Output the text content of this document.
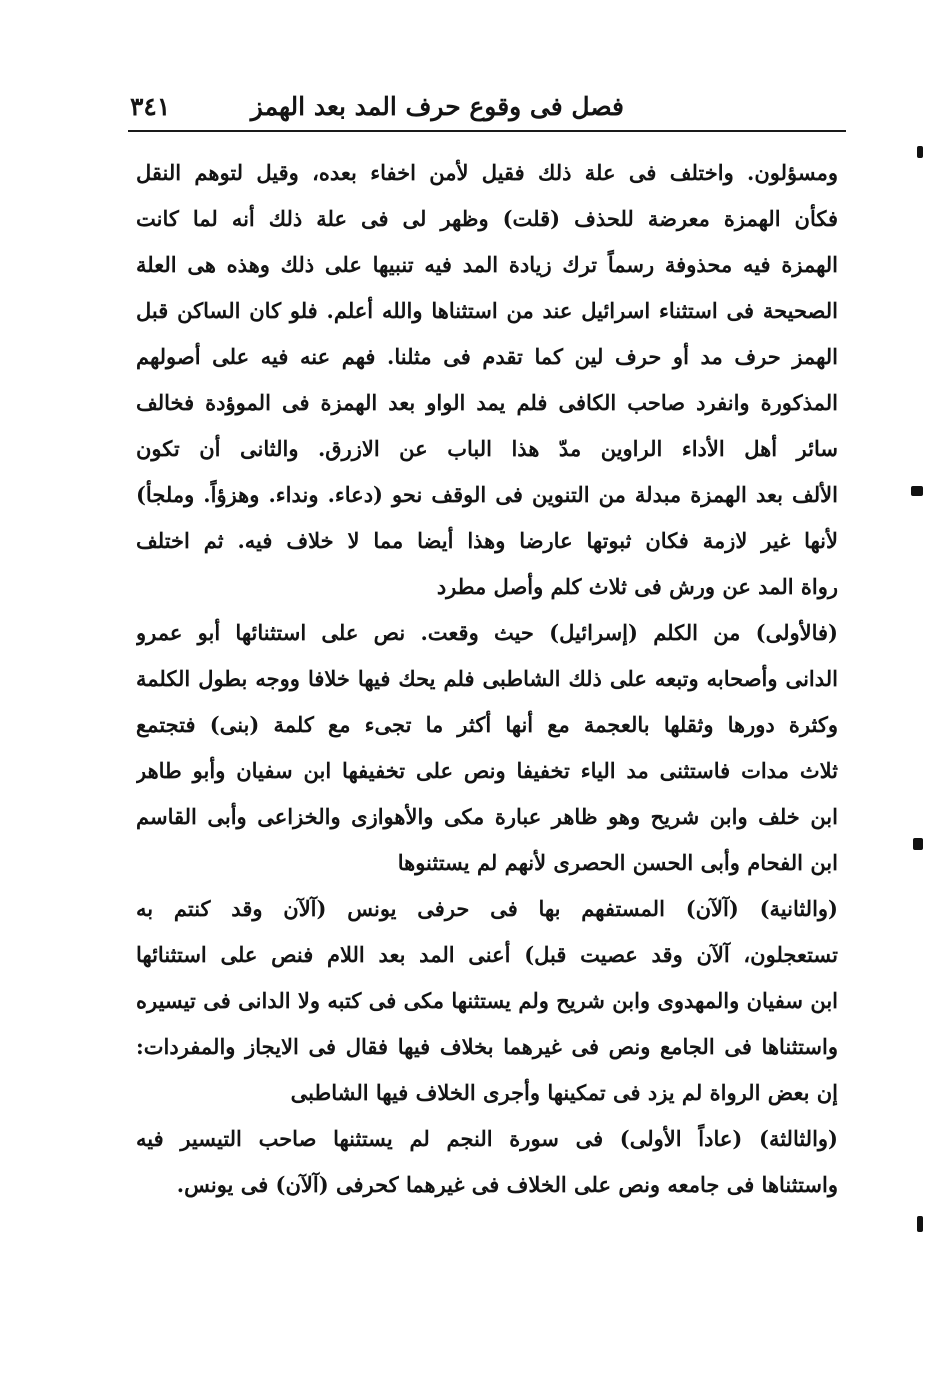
فصل فى وقوع حرف المد بعد الهمز
٣٤١
ومسؤلون. واختلف فى علة ذلك فقيل لأمن اخفاء بعده، وقيل لتوهم النقل
فكأن الهمزة معرضة للحذف (قلت) وظهر لى فى علة ذلك أنه لما كانت
الهمزة فيه محذوفة رسماً ترك زيادة المد فيه تنبيها على ذلك وهذه هى العلة
الصحيحة فى استثناء اسرائيل عند من استثناها والله أعلم. فلو كان الساكن قبل
الهمز حرف مد أو حرف لين كما تقدم فى مثلنا. فهم عنه فيه على أصولهم
المذكورة وانفرد صاحب الكافى فلم يمد الواو بعد الهمزة فى الموؤدة فخالف
سائر أهل الأداء الراوين مدّ هذا الباب عن الازرق. والثانى أن تكون
الألف بعد الهمزة مبدلة من التنوين فى الوقف نحو (دعاء. ونداء. وهزؤاً. وملجأ)
لأنها غير لازمة فكان ثبوتها عارضا وهذا أيضا مما لا خلاف فيه. ثم اختلف
رواة المد عن ورش فى ثلاث كلم وأصل مطرد
(فالأولى) من الكلم (إسرائيل) حيث وقعت. نص على استثنائها أبو عمرو
الدانى وأصحابه وتبعه على ذلك الشاطبى فلم يحك فيها خلافا ووجه بطول الكلمة
وكثرة دورها وثقلها بالعجمة مع أنها أكثر ما تجىء مع كلمة (بنى) فتجتمع
ثلاث مدات فاستثنى مد الياء تخفيفا ونص على تخفيفها ابن سفيان وأبو طاهر
ابن خلف وابن شريح وهو ظاهر عبارة مكى والأهوازى والخزاعى وأبى القاسم
ابن الفحام وأبى الحسن الحصرى لأنهم لم يستثنوها
(والثانية) (آلآن) المستفهم بها فى حرفى يونس (آلآن وقد كنتم به
تستعجلون، آلآن وقد عصيت قبل) أعنى المد بعد اللام فنص على استثنائها
ابن سفيان والمهدوى وابن شريح ولم يستثنها مكى فى كتبه ولا الدانى فى تيسيره
واستثناها فى الجامع ونص فى غيرهما بخلاف فيها فقال فى الايجاز والمفردات:
إن بعض الرواة لم يزد فى تمكينها وأجرى الخلاف فيها الشاطبى
(والثالثة) (عاداً الأولى) فى سورة النجم لم يستثنها صاحب التيسير فيه
واستثناها فى جامعه ونص على الخلاف فى غيرهما كحرفى (آلآن) فى يونس.
